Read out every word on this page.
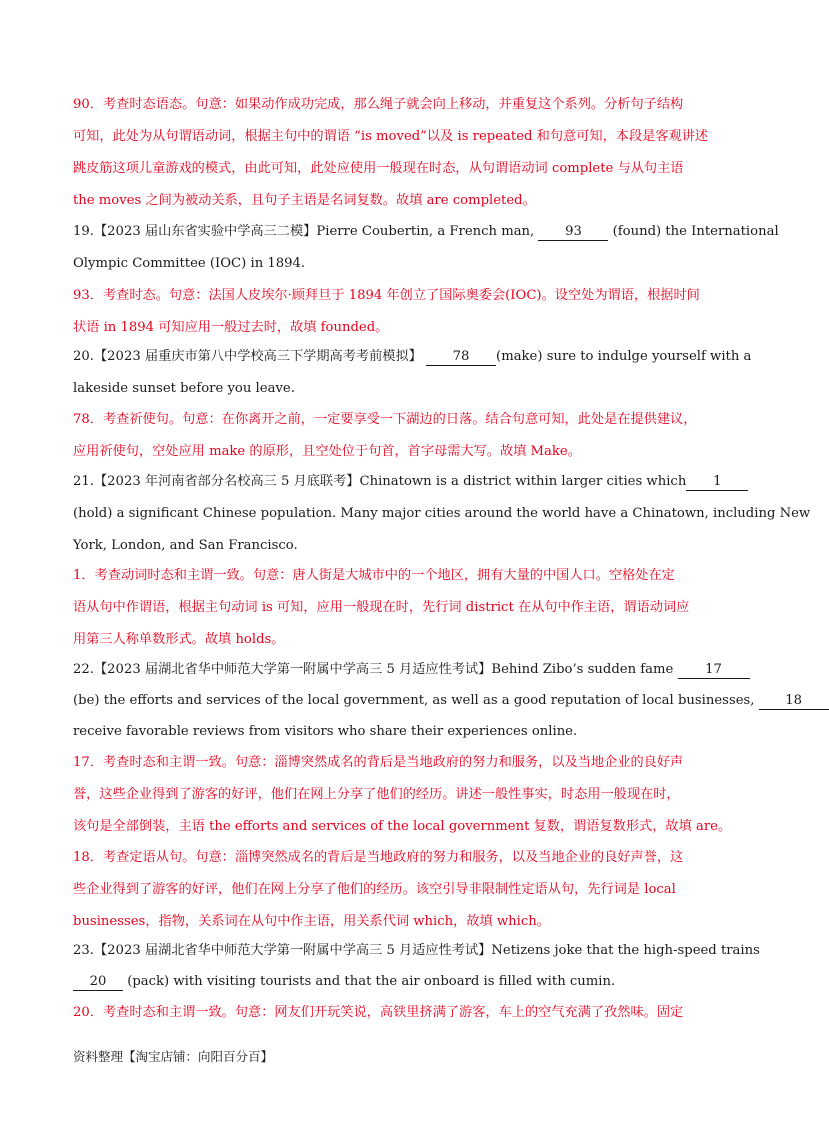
90．考查时态语态。句意：如果动作成功完成，那么绳子就会向上移动，并重复这个系列。分析句子结构
可知，此处为从句谓语动词，根据主句中的谓语 “is moved”以及 is repeated 和句意可知，本段是客观讲述
跳皮筋这项儿童游戏的模式，由此可知，此处应使用一般现在时态，从句谓语动词 complete 与从句主语
the moves 之间为被动关系，且句子主语是名词复数。故填 are completed。
19.【2023 届山东省实验中学高三二模】Pierre Coubertin, a French man, 93 (found) the International
Olympic Committee (IOC) in 1894.
93．考查时态。句意：法国人皮埃尔·顾拜旦于 1894 年创立了国际奥委会(IOC)。设空处为谓语，根据时间
状语 in 1894 可知应用一般过去时，故填 founded。
20.【2023 届重庆市第八中学校高三下学期高考考前模拟】 78 (make) sure to indulge yourself with a
lakeside sunset before you leave.
78．考查祈使句。句意：在你离开之前，一定要享受一下湖边的日落。结合句意可知，此处是在提供建议，
应用祈使句，空处应用 make 的原形，且空处位于句首，首字母需大写。故填 Make。
21.【2023 年河南省部分名校高三 5 月底联考】Chinatown is a district within larger cities which 1
(hold) a significant Chinese population. Many major cities around the world have a Chinatown, including New
York, London, and San Francisco.
1．考查动词时态和主谓一致。句意：唐人街是大城市中的一个地区，拥有大量的中国人口。空格处在定
语从句中作谓语，根据主句动词 is 可知，应用一般现在时，先行词 district 在从句中作主语，谓语动词应
用第三人称单数形式。故填 holds。
22.【2023 届湖北省华中师范大学第一附属中学高三 5 月适应性考试】Behind Zibo’s sudden fame 17
(be) the efforts and services of the local government, as well as a good reputation of local businesses, 18
receive favorable reviews from visitors who share their experiences online.
17．考查时态和主谓一致。句意：淄博突然成名的背后是当地政府的努力和服务，以及当地企业的良好声
誉，这些企业得到了游客的好评，他们在网上分享了他们的经历。讲述一般性事实，时态用一般现在时，
该句是全部倒装，主语 the efforts and services of the local government 复数，谓语复数形式，故填 are。
18．考查定语从句。句意：淄博突然成名的背后是当地政府的努力和服务，以及当地企业的良好声誉，这
些企业得到了游客的好评，他们在网上分享了他们的经历。该空引导非限制性定语从句，先行词是 local
businesses，指物，关系词在从句中作主语，用关系代词 which，故填 which。
23.【2023 届湖北省华中师范大学第一附属中学高三 5 月适应性考试】Netizens joke that the high-speed trains
20 (pack) with visiting tourists and that the air onboard is filled with cumin.
20．考查时态和主谓一致。句意：网友们开玩笑说，高铁里挤满了游客，车上的空气充满了孜然味。固定
资料整理【淘宝店铺：向阳百分百】
